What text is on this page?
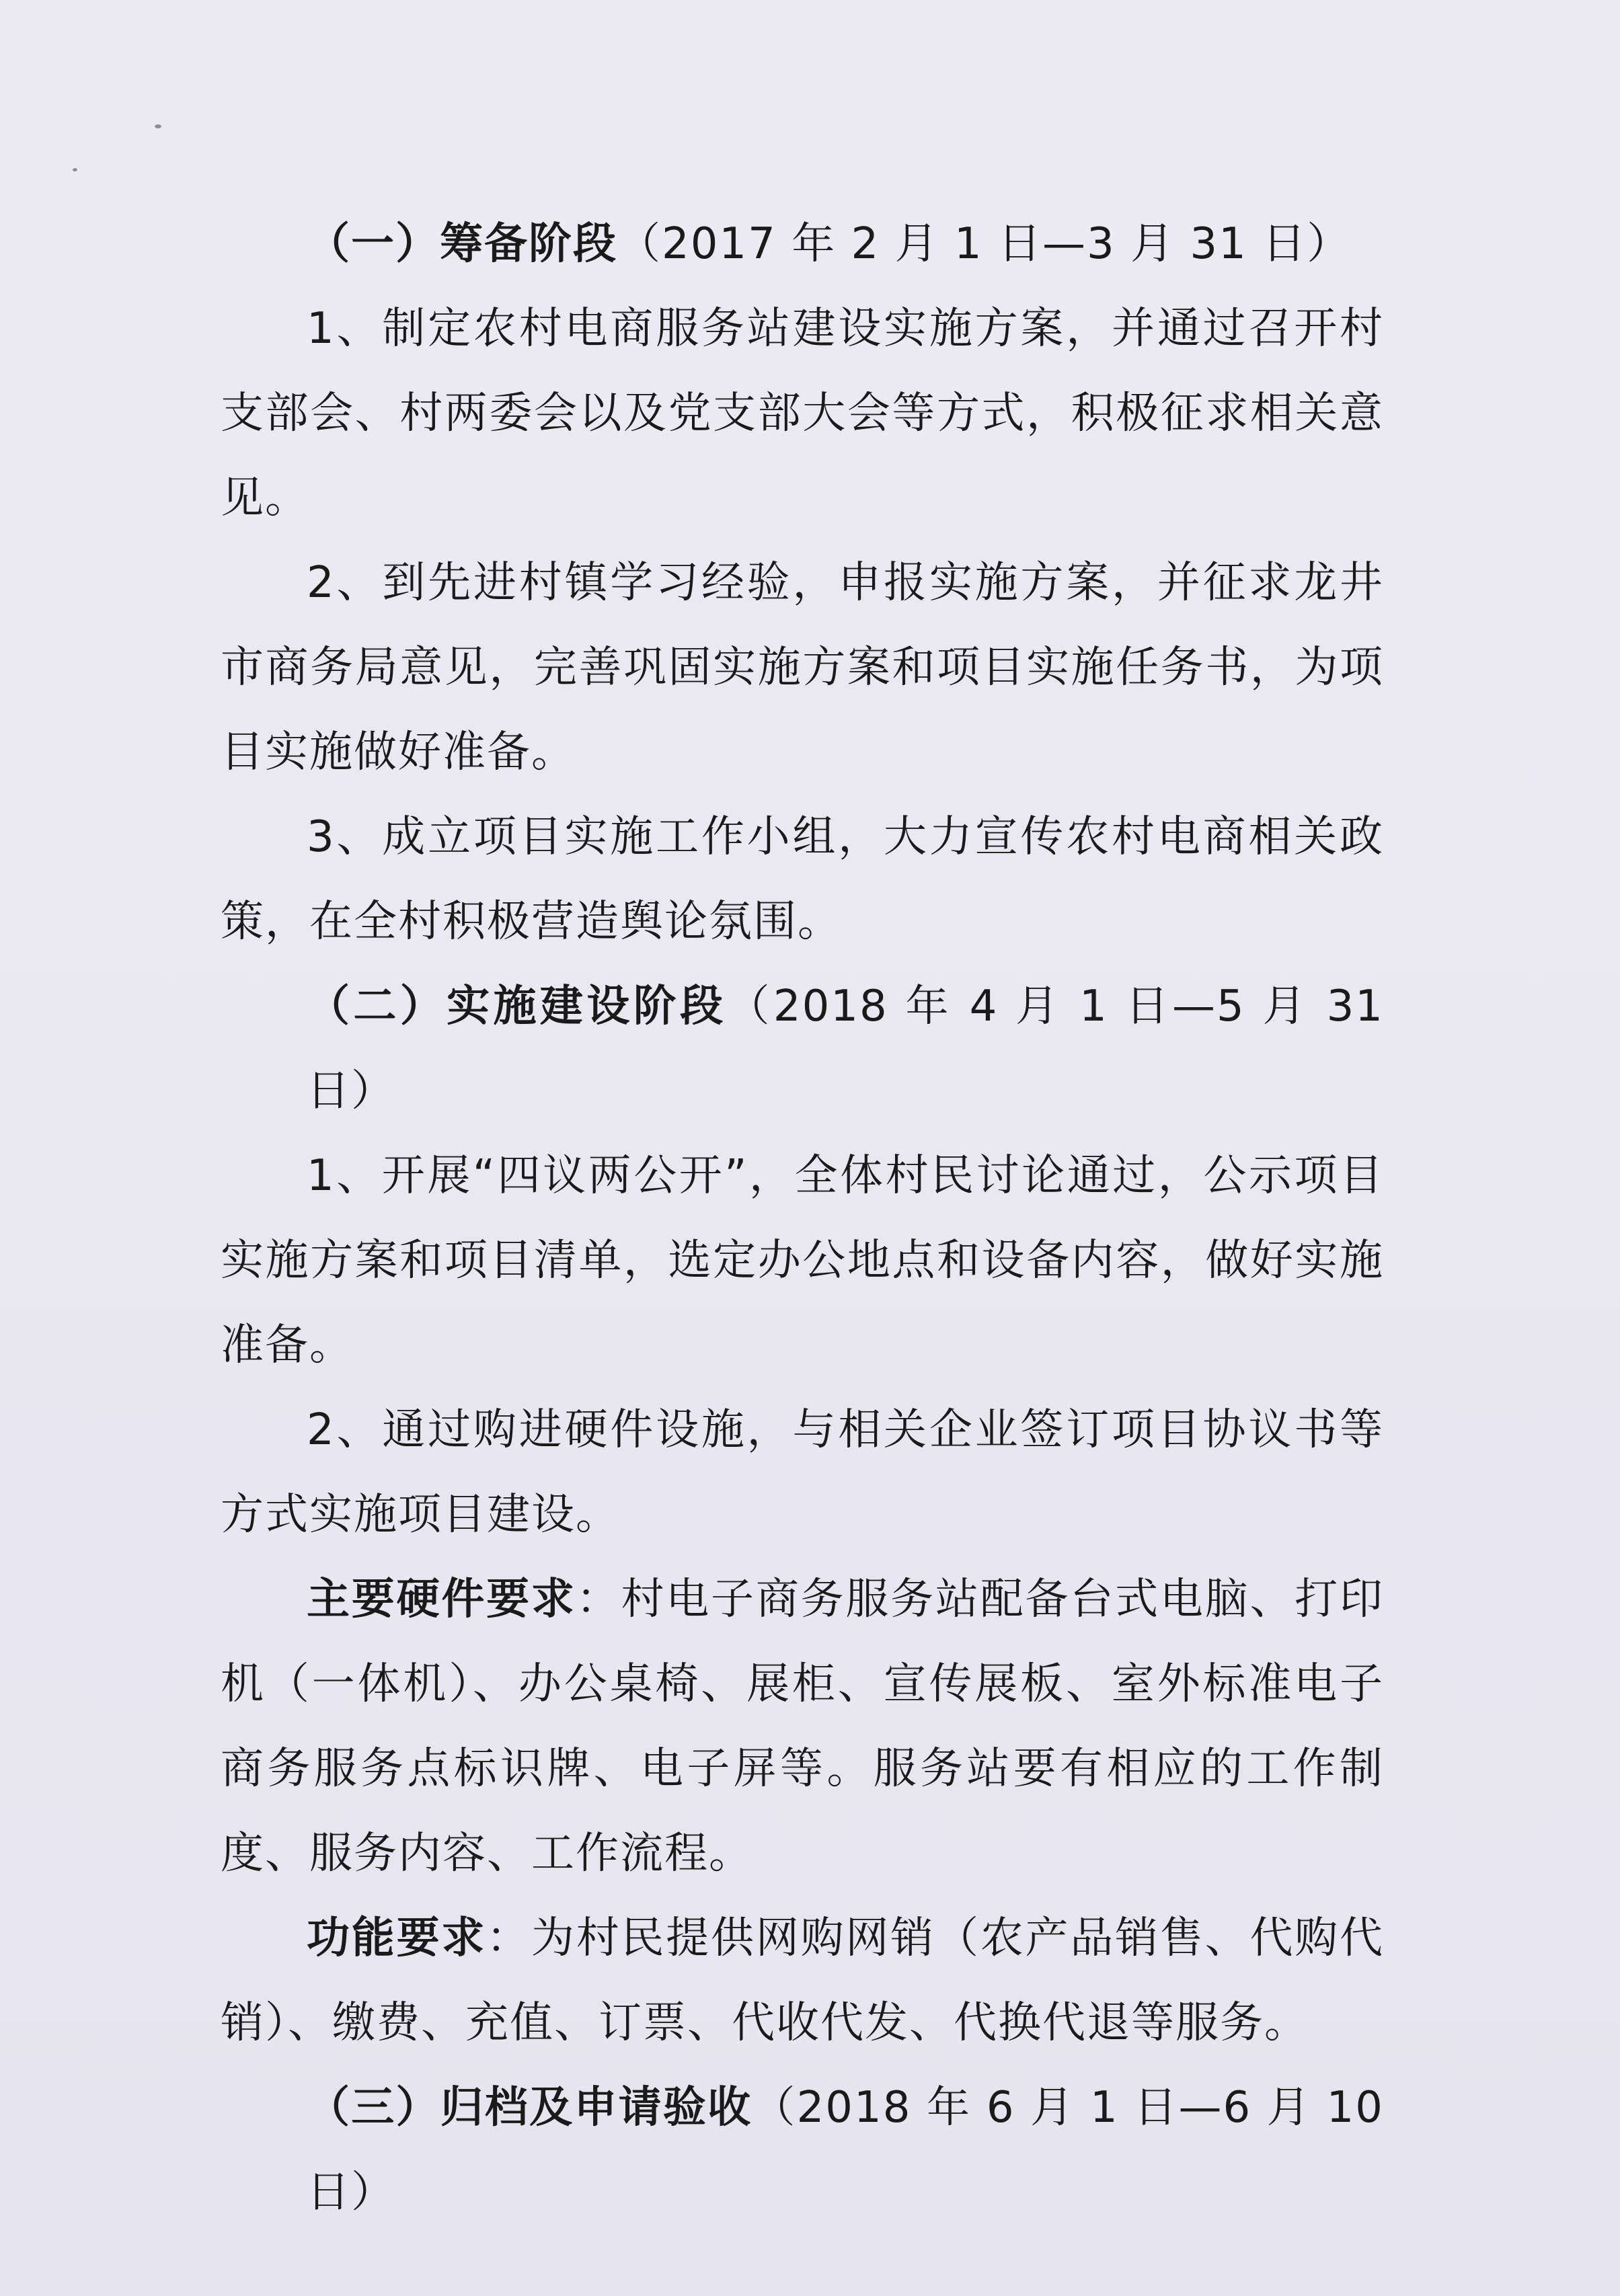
（一）筹备阶段（2017 年 2 月 1 日—3 月 31 日）

1、制定农村电商服务站建设实施方案，并通过召开村支部会、村两委会以及党支部大会等方式，积极征求相关意见。

2、到先进村镇学习经验，申报实施方案，并征求龙井市商务局意见，完善巩固实施方案和项目实施任务书，为项目实施做好准备。

3、成立项目实施工作小组，大力宣传农村电商相关政策，在全村积极营造舆论氛围。

（二）实施建设阶段（2018 年 4 月 1 日—5 月 31 日）

1、开展“四议两公开”，全体村民讨论通过，公示项目实施方案和项目清单，选定办公地点和设备内容，做好实施准备。

2、通过购进硬件设施，与相关企业签订项目协议书等方式实施项目建设。

主要硬件要求：村电子商务服务站配备台式电脑、打印机（一体机）、办公桌椅、展柜、宣传展板、室外标准电子商务服务点标识牌、电子屏等。服务站要有相应的工作制度、服务内容、工作流程。

功能要求：为村民提供网购网销（农产品销售、代购代销）、缴费、充值、订票、代收代发、代换代退等服务。

（三）归档及申请验收（2018 年 6 月 1 日—6 月 10 日）
